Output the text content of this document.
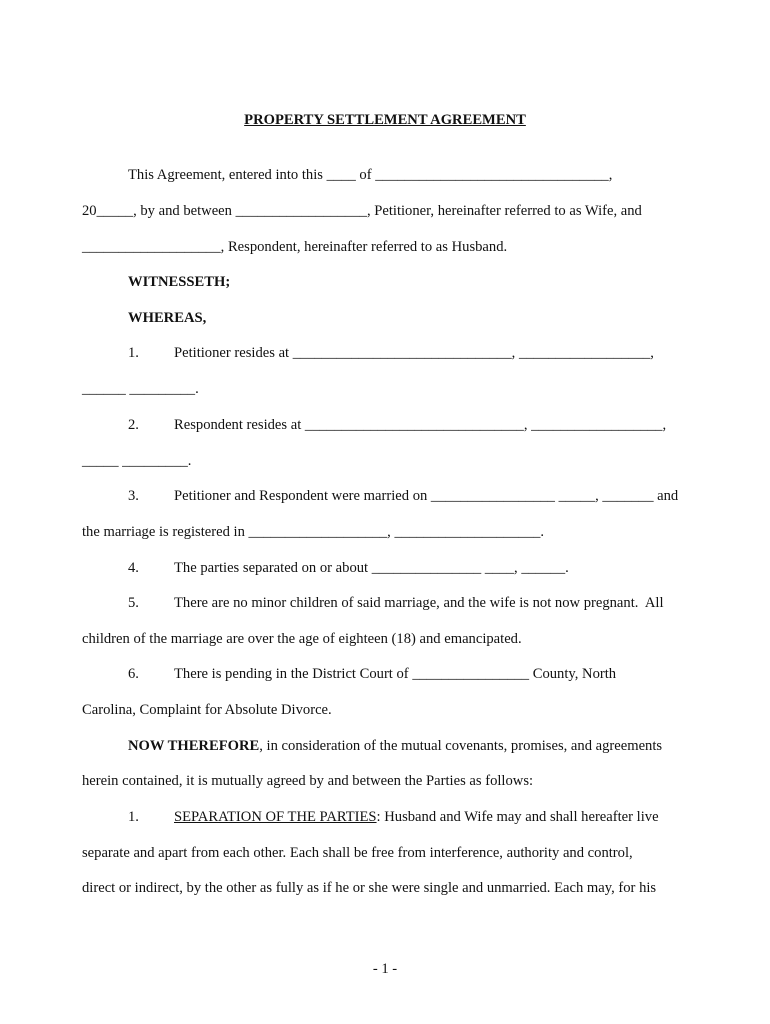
PROPERTY SETTLEMENT AGREEMENT
This Agreement, entered into this ____ of ________________________________,
20_____, by and between __________________, Petitioner, hereinafter referred to as Wife, and
___________________, Respondent, hereinafter referred to as Husband.
WITNESSETH;
WHEREAS,
1. Petitioner resides at ______________________________, __________________,
______ _________.
2. Respondent resides at ______________________________, __________________,
_____ _________.
3. Petitioner and Respondent were married on _________________ _____, _______ and
the marriage is registered in ___________________, ____________________.
4. The parties separated on or about _______________ ____, ______.
5. There are no minor children of said marriage, and the wife is not now pregnant.  All
children of the marriage are over the age of eighteen (18) and emancipated.
6. There is pending in the District Court of ________________ County, North
Carolina, Complaint for Absolute Divorce.
NOW THEREFORE, in consideration of the mutual covenants, promises, and agreements
herein contained, it is mutually agreed by and between the Parties as follows:
1. SEPARATION OF THE PARTIES: Husband and Wife may and shall hereafter live
separate and apart from each other. Each shall be free from interference, authority and control,
direct or indirect, by the other as fully as if he or she were single and unmarried. Each may, for his
- 1 -
